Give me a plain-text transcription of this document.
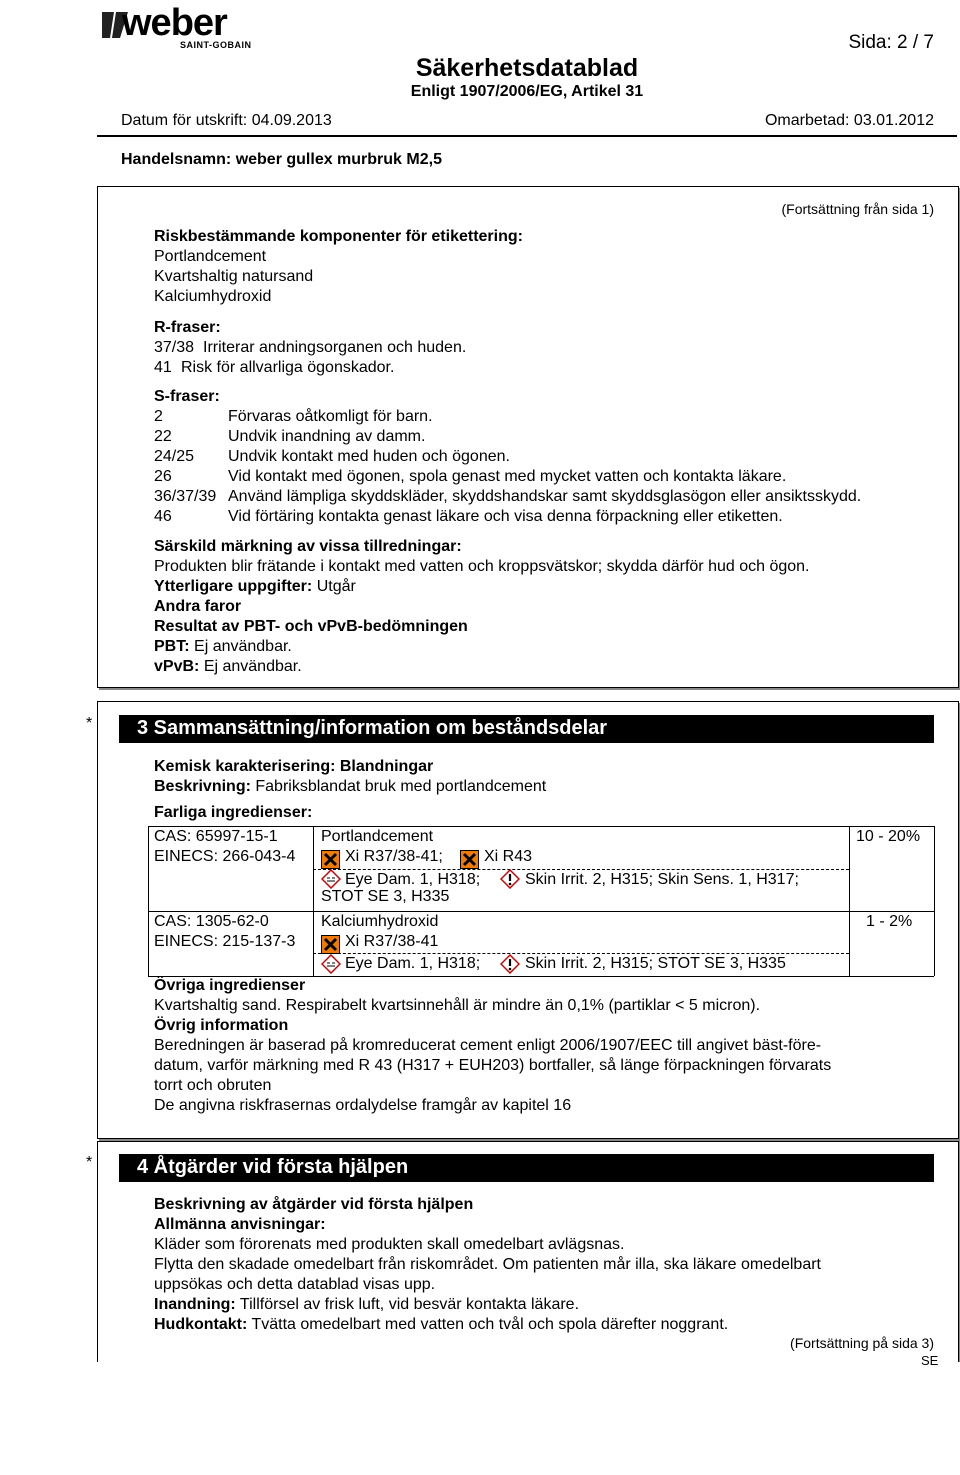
weber
SAINT-GOBAIN	Sida: 2 / 7
Säkerhetsdatablad
Enligt 1907/2006/EG, Artikel 31
Datum för utskrift: 04.09.2013	Omarbetad: 03.01.2012
Handelsnamn: weber gullex murbruk M2,5
(Fortsättning från sida 1)
Riskbestämmande komponenter för etikettering:
Portlandcement
Kvartshaltig natursand
Kalciumhydroxid
R-fraser:
37/38 Irriterar andningsorganen och huden.
41 Risk för allvarliga ögonskador.
S-fraser:
2	Förvaras oåtkomligt för barn.
22	Undvik inandning av damm.
24/25 Undvik kontakt med huden och ögonen.
26	Vid kontakt med ögonen, spola genast med mycket vatten och kontakta läkare.
36/37/39 Använd lämpliga skyddskläder, skyddshandskar samt skyddsglasögon eller ansiktsskydd.
46	Vid förtäring kontakta genast läkare och visa denna förpackning eller etiketten.
Särskild märkning av vissa tillredningar:
Produkten blir frätande i kontakt med vatten och kroppsvätskor; skydda därför hud och ögon.
Ytterligare uppgifter: Utgår
Andra faror
Resultat av PBT- och vPvB-bedömningen
PBT: Ej användbar.
vPvB: Ej användbar.
* 3 Sammansättning/information om beståndsdelar
Kemisk karakterisering: Blandningar
Beskrivning: Fabriksblandat bruk med portlandcement
Farliga ingredienser:
CAS: 65997-15-1
EINECS: 266-043-4
Portlandcement	10 - 20%
Xi R37/38-41;	Xi R43
Eye Dam. 1, H318;	Skin Irrit. 2, H315; Skin Sens. 1, H317;
STOT SE 3, H335
CAS: 1305-62-0
EINECS: 215-137-3
Kalciumhydroxid	1 - 2%
Xi R37/38-41
Eye Dam. 1, H318;	Skin Irrit. 2, H315; STOT SE 3, H335
Övriga ingredienser
Kvartshaltig sand. Respirabelt kvartsinnehåll är mindre än 0,1% (partiklar < 5 micron).
Övrig information
Beredningen är baserad på kromreducerat cement enligt 2006/1907/EEC till angivet bäst-före-
datum, varför märkning med R 43 (H317 + EUH203) bortfaller, så länge förpackningen förvarats
torrt och obruten
De angivna riskfrasernas ordalydelse framgår av kapitel 16
* 4 Åtgärder vid första hjälpen
Beskrivning av åtgärder vid första hjälpen
Allmänna anvisningar:
Kläder som förorenats med produkten skall omedelbart avlägsnas.
Flytta den skadade omedelbart från riskområdet. Om patienten mår illa, ska läkare omedelbart
uppsökas och detta datablad visas upp.
Inandning: Tillförsel av frisk luft, vid besvär kontakta läkare.
Hudkontakt: Tvätta omedelbart med vatten och tvål och spola därefter noggrant.
(Fortsättning på sida 3)
SE
